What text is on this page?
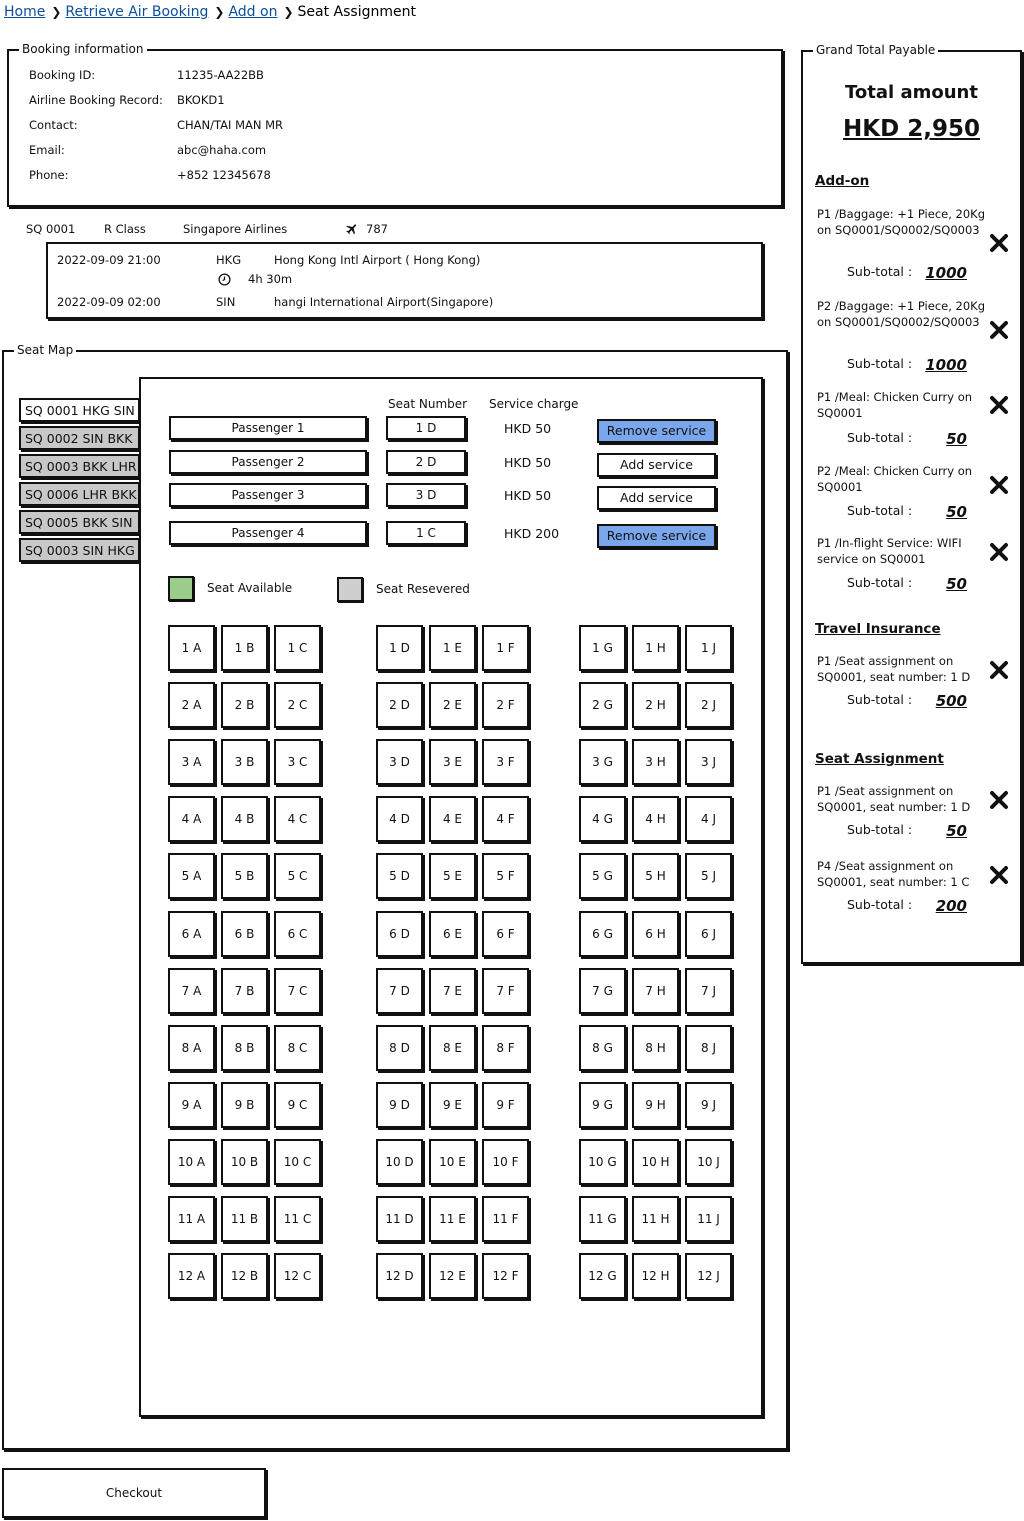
Home ❯ Retrieve Air Booking ❯ Add on ❯ Seat Assignment
Booking information
Booking ID:	11235-AA22BB
Airline Booking Record: BKOKD1
Contact:	CHAN/TAI MAN MR
Email:	abc@haha.com
Phone:	+852 12345678
SQ 0001 R Class	Singapore Airlines	787
2022-09-09 21:00	HKG	Hong Kong Intl Airport ( Hong Kong)
4h 30m
2022-09-09 02:00	SIN	hangi International Airport(Singapore)
Seat Map
SQ 0001 HKG SIN
SQ 0002 SIN BKK
SQ 0003 BKK LHR
SQ 0006 LHR BKK
SQ 0005 BKK SIN
SQ 0003 SIN HKG
Seat Number Service charge
Passenger 1	1 D	HKD 50	Remove service
Passenger 2	2 D	HKD 50	Add service
Passenger 3	3 D	HKD 50	Add service
Passenger 4	1 C	HKD 200	Remove service
Seat Available	Seat Resevered
1 A	1 B	1 C	1 D	1 E	1 F	1 G	1 H	1 J
2 A	2 B	2 C	2 D	2 E	2 F	2 G	2 H	2 J
3 A	3 B	3 C	3 D	3 E	3 F	3 G	3 H	3 J
4 A	4 B	4 C	4 D	4 E	4 F	4 G	4 H	4 J
5 A	5 B	5 C	5 D	5 E	5 F	5 G	5 H	5 J
6 A	6 B	6 C	6 D	6 E	6 F	6 G	6 H	6 J
7 A	7 B	7 C	7 D	7 E	7 F	7 G	7 H	7 J
8 A	8 B	8 C	8 D	8 E	8 F	8 G	8 H	8 J
9 A	9 B	9 C	9 D	9 E	9 F	9 G	9 H	9 J
10 A	10 B	10 C	10 D	10 E	10 F	10 G	10 H	10 J
11 A	11 B	11 C	11 D	11 E	11 F	11 G	11 H	11 J
12 A	12 B	12 C	12 D	12 E	12 F	12 G	12 H	12 J
Checkout
Grand Total Payable
Total amount
HKD 2,950
Add-on
P1 /Baggage: +1 Piece, 20Kg on SQ0001/SQ0002/SQ0003
Sub-total : 1000
P2 /Baggage: +1 Piece, 20Kg on SQ0001/SQ0002/SQ0003
Sub-total : 1000
P1 /Meal: Chicken Curry on SQ0001
Sub-total :	50
P2 /Meal: Chicken Curry on SQ0001
Sub-total :	50
P1 /In-flight Service: WIFI service on SQ0001
Sub-total :	50
Travel Insurance
P1 /Seat assignment on SQ0001, seat number: 1 D
Sub-total :	500
Seat Assignment
P1 /Seat assignment on SQ0001, seat number: 1 D
Sub-total :	50
P4 /Seat assignment on SQ0001, seat number: 1 C
Sub-total :	200
